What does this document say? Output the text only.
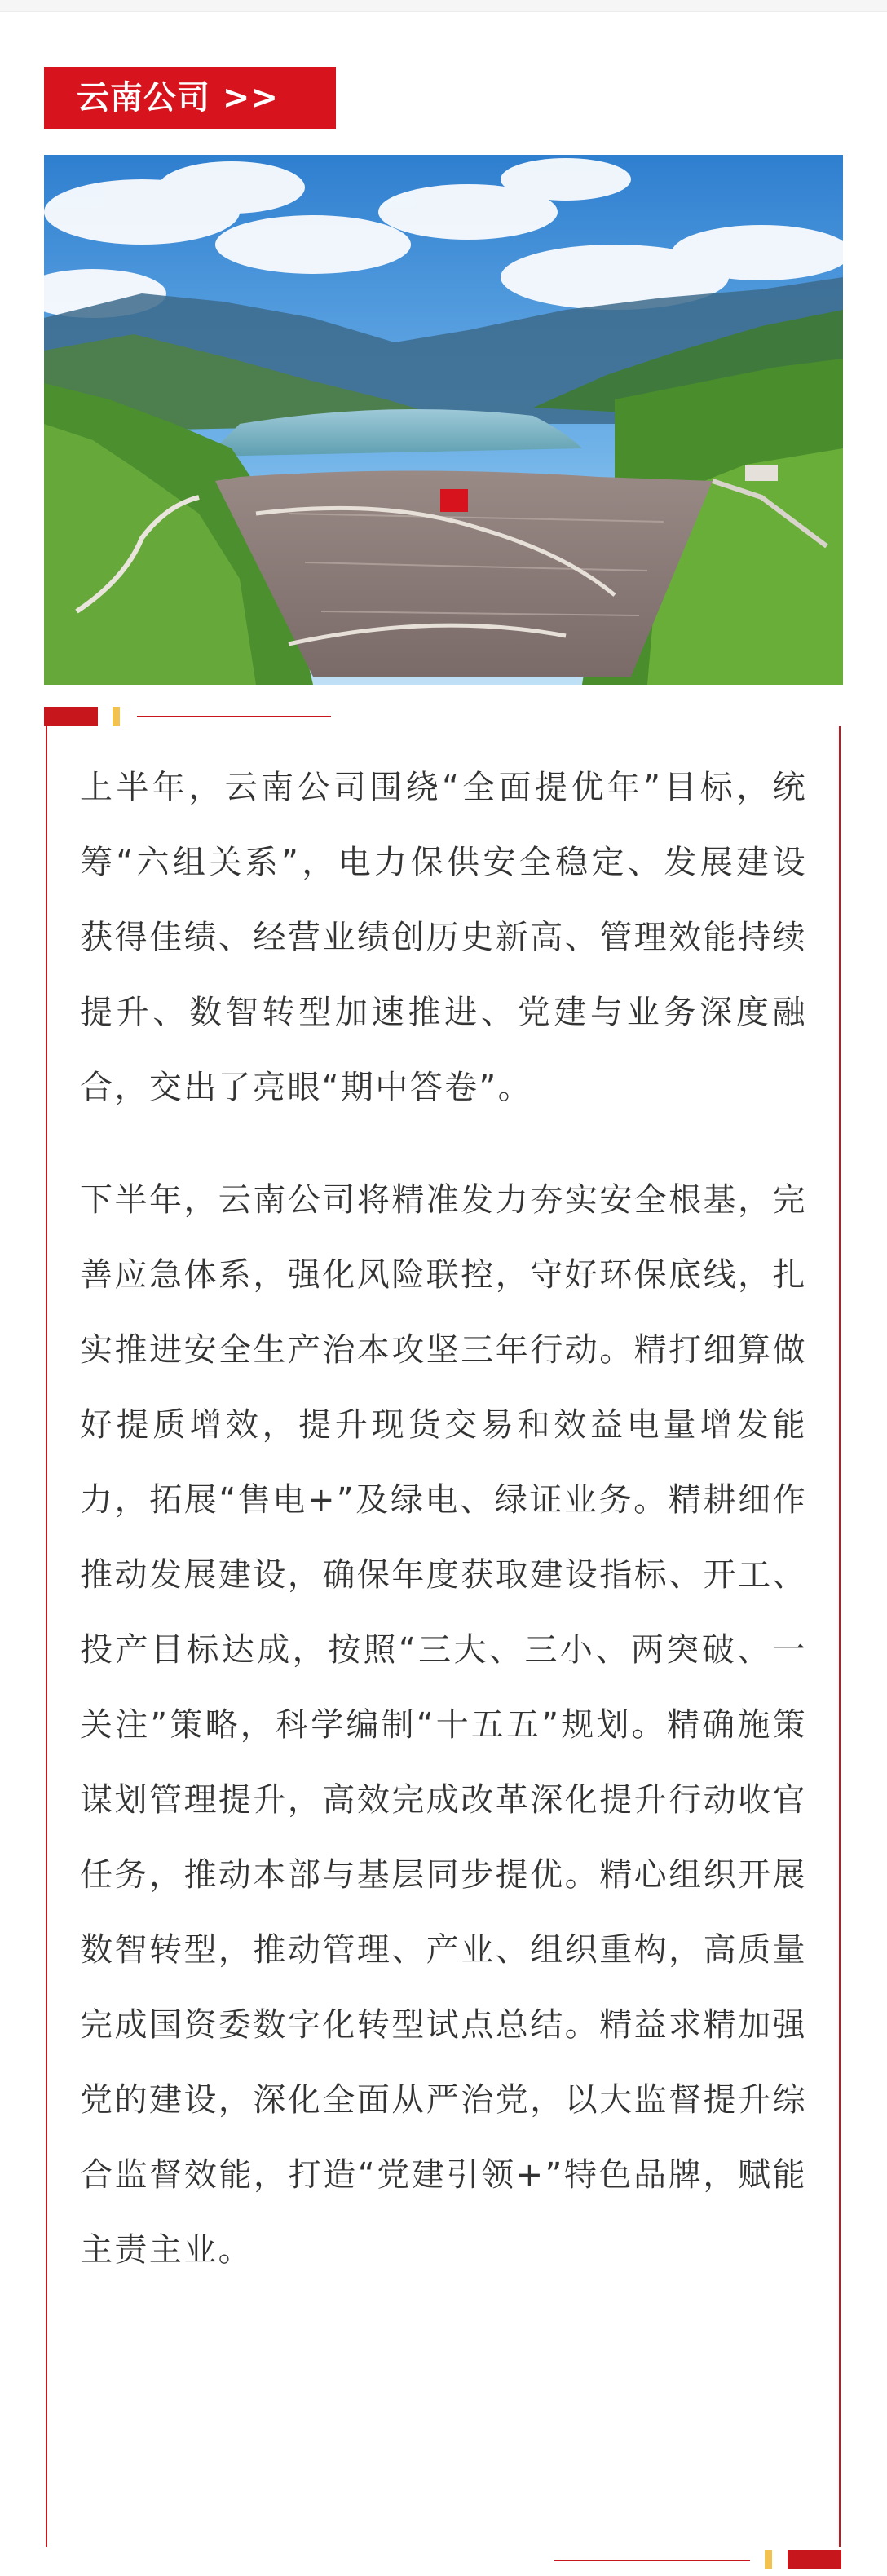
云南公司 >>

上半年，云南公司围绕“全面提优年”目标，统筹“六组关系”，电力保供安全稳定、发展建设获得佳绩、经营业绩创历史新高、管理效能持续提升、数智转型加速推进、党建与业务深度融合，交出了亮眼“期中答卷”。

下半年，云南公司将精准发力夯实安全根基，完善应急体系，强化风险联控，守好环保底线，扎实推进安全生产治本攻坚三年行动。精打细算做好提质增效，提升现货交易和效益电量增发能力，拓展“售电+”及绿电、绿证业务。精耕细作推动发展建设，确保年度获取建设指标、开工、投产目标达成，按照“三大、三小、两突破、一关注”策略，科学编制“十五五”规划。精确施策谋划管理提升，高效完成改革深化提升行动收官任务，推动本部与基层同步提优。精心组织开展数智转型，推动管理、产业、组织重构，高质量完成国资委数字化转型试点总结。精益求精加强党的建设，深化全面从严治党，以大监督提升综合监督效能，打造“党建引领+”特色品牌，赋能主责主业。
